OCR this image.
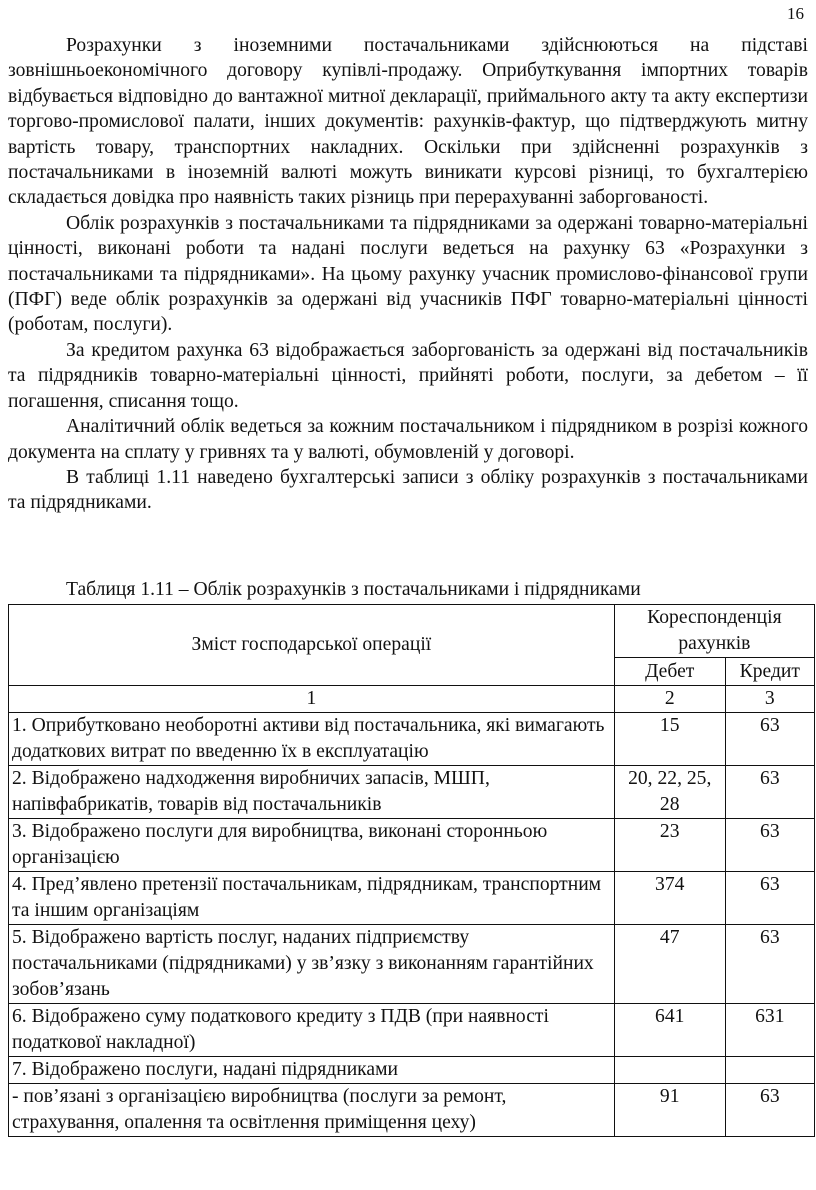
16

Розрахунки з іноземними постачальниками здійснюються на підставі зовнішньоекономічного договору купівлі-продажу. Оприбуткування імпортних товарів відбувається відповідно до вантажної митної декларації, приймального акту та акту експертизи торгово-промислової палати, інших документів: рахунків-фактур, що підтверджують митну вартість товару, транспортних накладних. Оскільки при здійсненні розрахунків з постачальниками в іноземній валюті можуть виникати курсові різниці, то бухгалтерією складається довідка про наявність таких різниць при перерахуванні заборгованості.

Облік розрахунків з постачальниками та підрядниками за одержані товарно-матеріальні цінності, виконані роботи та надані послуги ведеться на рахунку 63 «Розрахунки з постачальниками та підрядниками». На цьому рахунку учасник промислово-фінансової групи (ПФГ) веде облік розрахунків за одержані від учасників ПФГ товарно-матеріальні цінності (роботам, послуги).

За кредитом рахунка 63 відображається заборгованість за одержані від постачальників та підрядників товарно-матеріальні цінності, прийняті роботи, послуги, за дебетом – її погашення, списання тощо.

Аналітичний облік ведеться за кожним постачальником і підрядником в розрізі кожного документа на сплату у гривнях та у валюті, обумовленій у договорі.

В таблиці 1.11 наведено бухгалтерські записи з обліку розрахунків з постачальниками та підрядниками.

Таблиця 1.11 – Облік розрахунків з постачальниками і підрядниками
Зміст господарської операції	Кореспонденція рахунків	
	Дебет	Кредит
1	2	3
1. Оприбутковано необоротні активи від постачальника, які вимагають додаткових витрат по введенню їх в експлуатацію	15	63
2. Відображено надходження виробничих запасів, МШП, напівфабрикатів, товарів від постачальників	20, 22, 25, 28	63
3. Відображено послуги для виробництва, виконані сторонньою організацією	23	63
4. Пред’явлено претензії постачальникам, підрядникам, транспортним та іншим організаціям	374	63
5. Відображено вартість послуг, наданих підприємству постачальниками (підрядниками) у зв’язку з виконанням гарантійних зобов’язань	47	63
6. Відображено суму податкового кредиту з ПДВ (при наявності податкової накладної)	641	631
7. Відображено послуги, надані підрядниками		
- пов’язані з організацією виробництва (послуги за ремонт, страхування, опалення та освітлення приміщення цеху)	91	63
